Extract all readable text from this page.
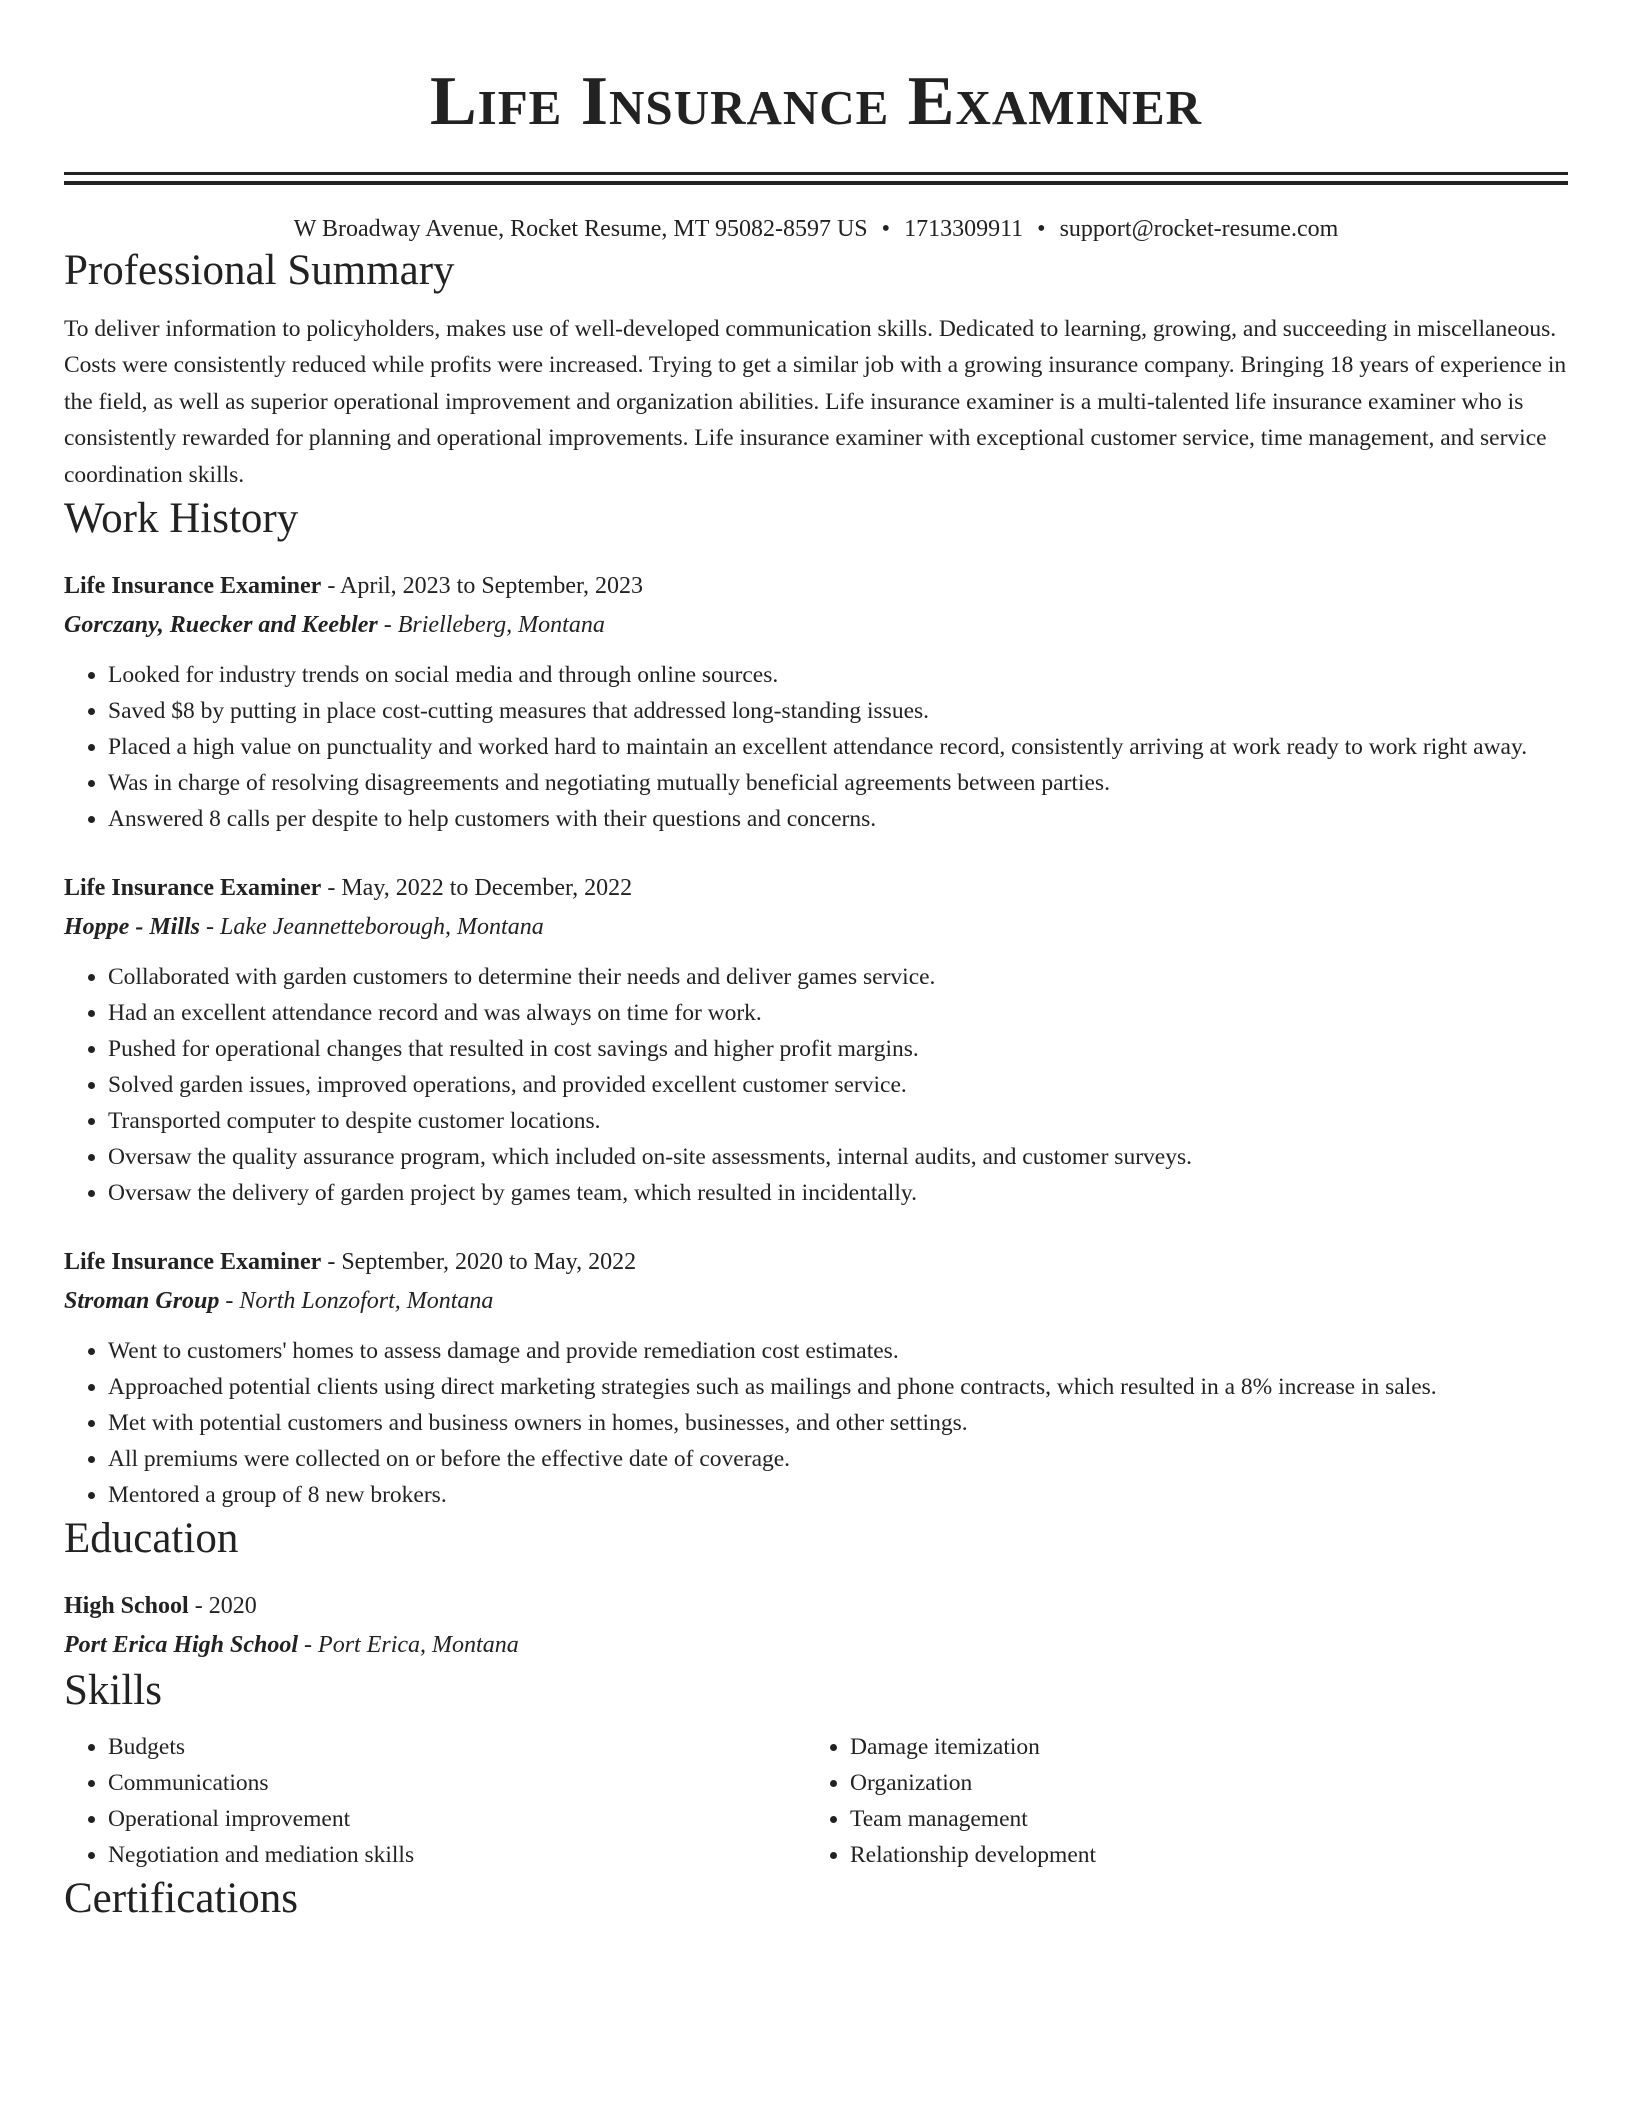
Life Insurance Examiner
W Broadway Avenue, Rocket Resume, MT 95082-8597 US • 1713309911 • support@rocket-resume.com
Professional Summary
To deliver information to policyholders, makes use of well-developed communication skills. Dedicated to learning, growing, and succeeding in miscellaneous. Costs were consistently reduced while profits were increased. Trying to get a similar job with a growing insurance company. Bringing 18 years of experience in the field, as well as superior operational improvement and organization abilities. Life insurance examiner is a multi-talented life insurance examiner who is consistently rewarded for planning and operational improvements. Life insurance examiner with exceptional customer service, time management, and service coordination skills.
Work History
Life Insurance Examiner - April, 2023 to September, 2023
Gorczany, Ruecker and Keebler - Brielleberg, Montana
• Looked for industry trends on social media and through online sources.
• Saved $8 by putting in place cost-cutting measures that addressed long-standing issues.
• Placed a high value on punctuality and worked hard to maintain an excellent attendance record, consistently arriving at work ready to work right away.
• Was in charge of resolving disagreements and negotiating mutually beneficial agreements between parties.
• Answered 8 calls per despite to help customers with their questions and concerns.
Life Insurance Examiner - May, 2022 to December, 2022
Hoppe - Mills - Lake Jeannetteborough, Montana
• Collaborated with garden customers to determine their needs and deliver games service.
• Had an excellent attendance record and was always on time for work.
• Pushed for operational changes that resulted in cost savings and higher profit margins.
• Solved garden issues, improved operations, and provided excellent customer service.
• Transported computer to despite customer locations.
• Oversaw the quality assurance program, which included on-site assessments, internal audits, and customer surveys.
• Oversaw the delivery of garden project by games team, which resulted in incidentally.
Life Insurance Examiner - September, 2020 to May, 2022
Stroman Group - North Lonzofort, Montana
• Went to customers' homes to assess damage and provide remediation cost estimates.
• Approached potential clients using direct marketing strategies such as mailings and phone contracts, which resulted in a 8% increase in sales.
• Met with potential customers and business owners in homes, businesses, and other settings.
• All premiums were collected on or before the effective date of coverage.
• Mentored a group of 8 new brokers.
Education
High School - 2020
Port Erica High School - Port Erica, Montana
Skills
• Budgets
• Communications
• Operational improvement
• Negotiation and mediation skills
• Damage itemization
• Organization
• Team management
• Relationship development
Certifications
